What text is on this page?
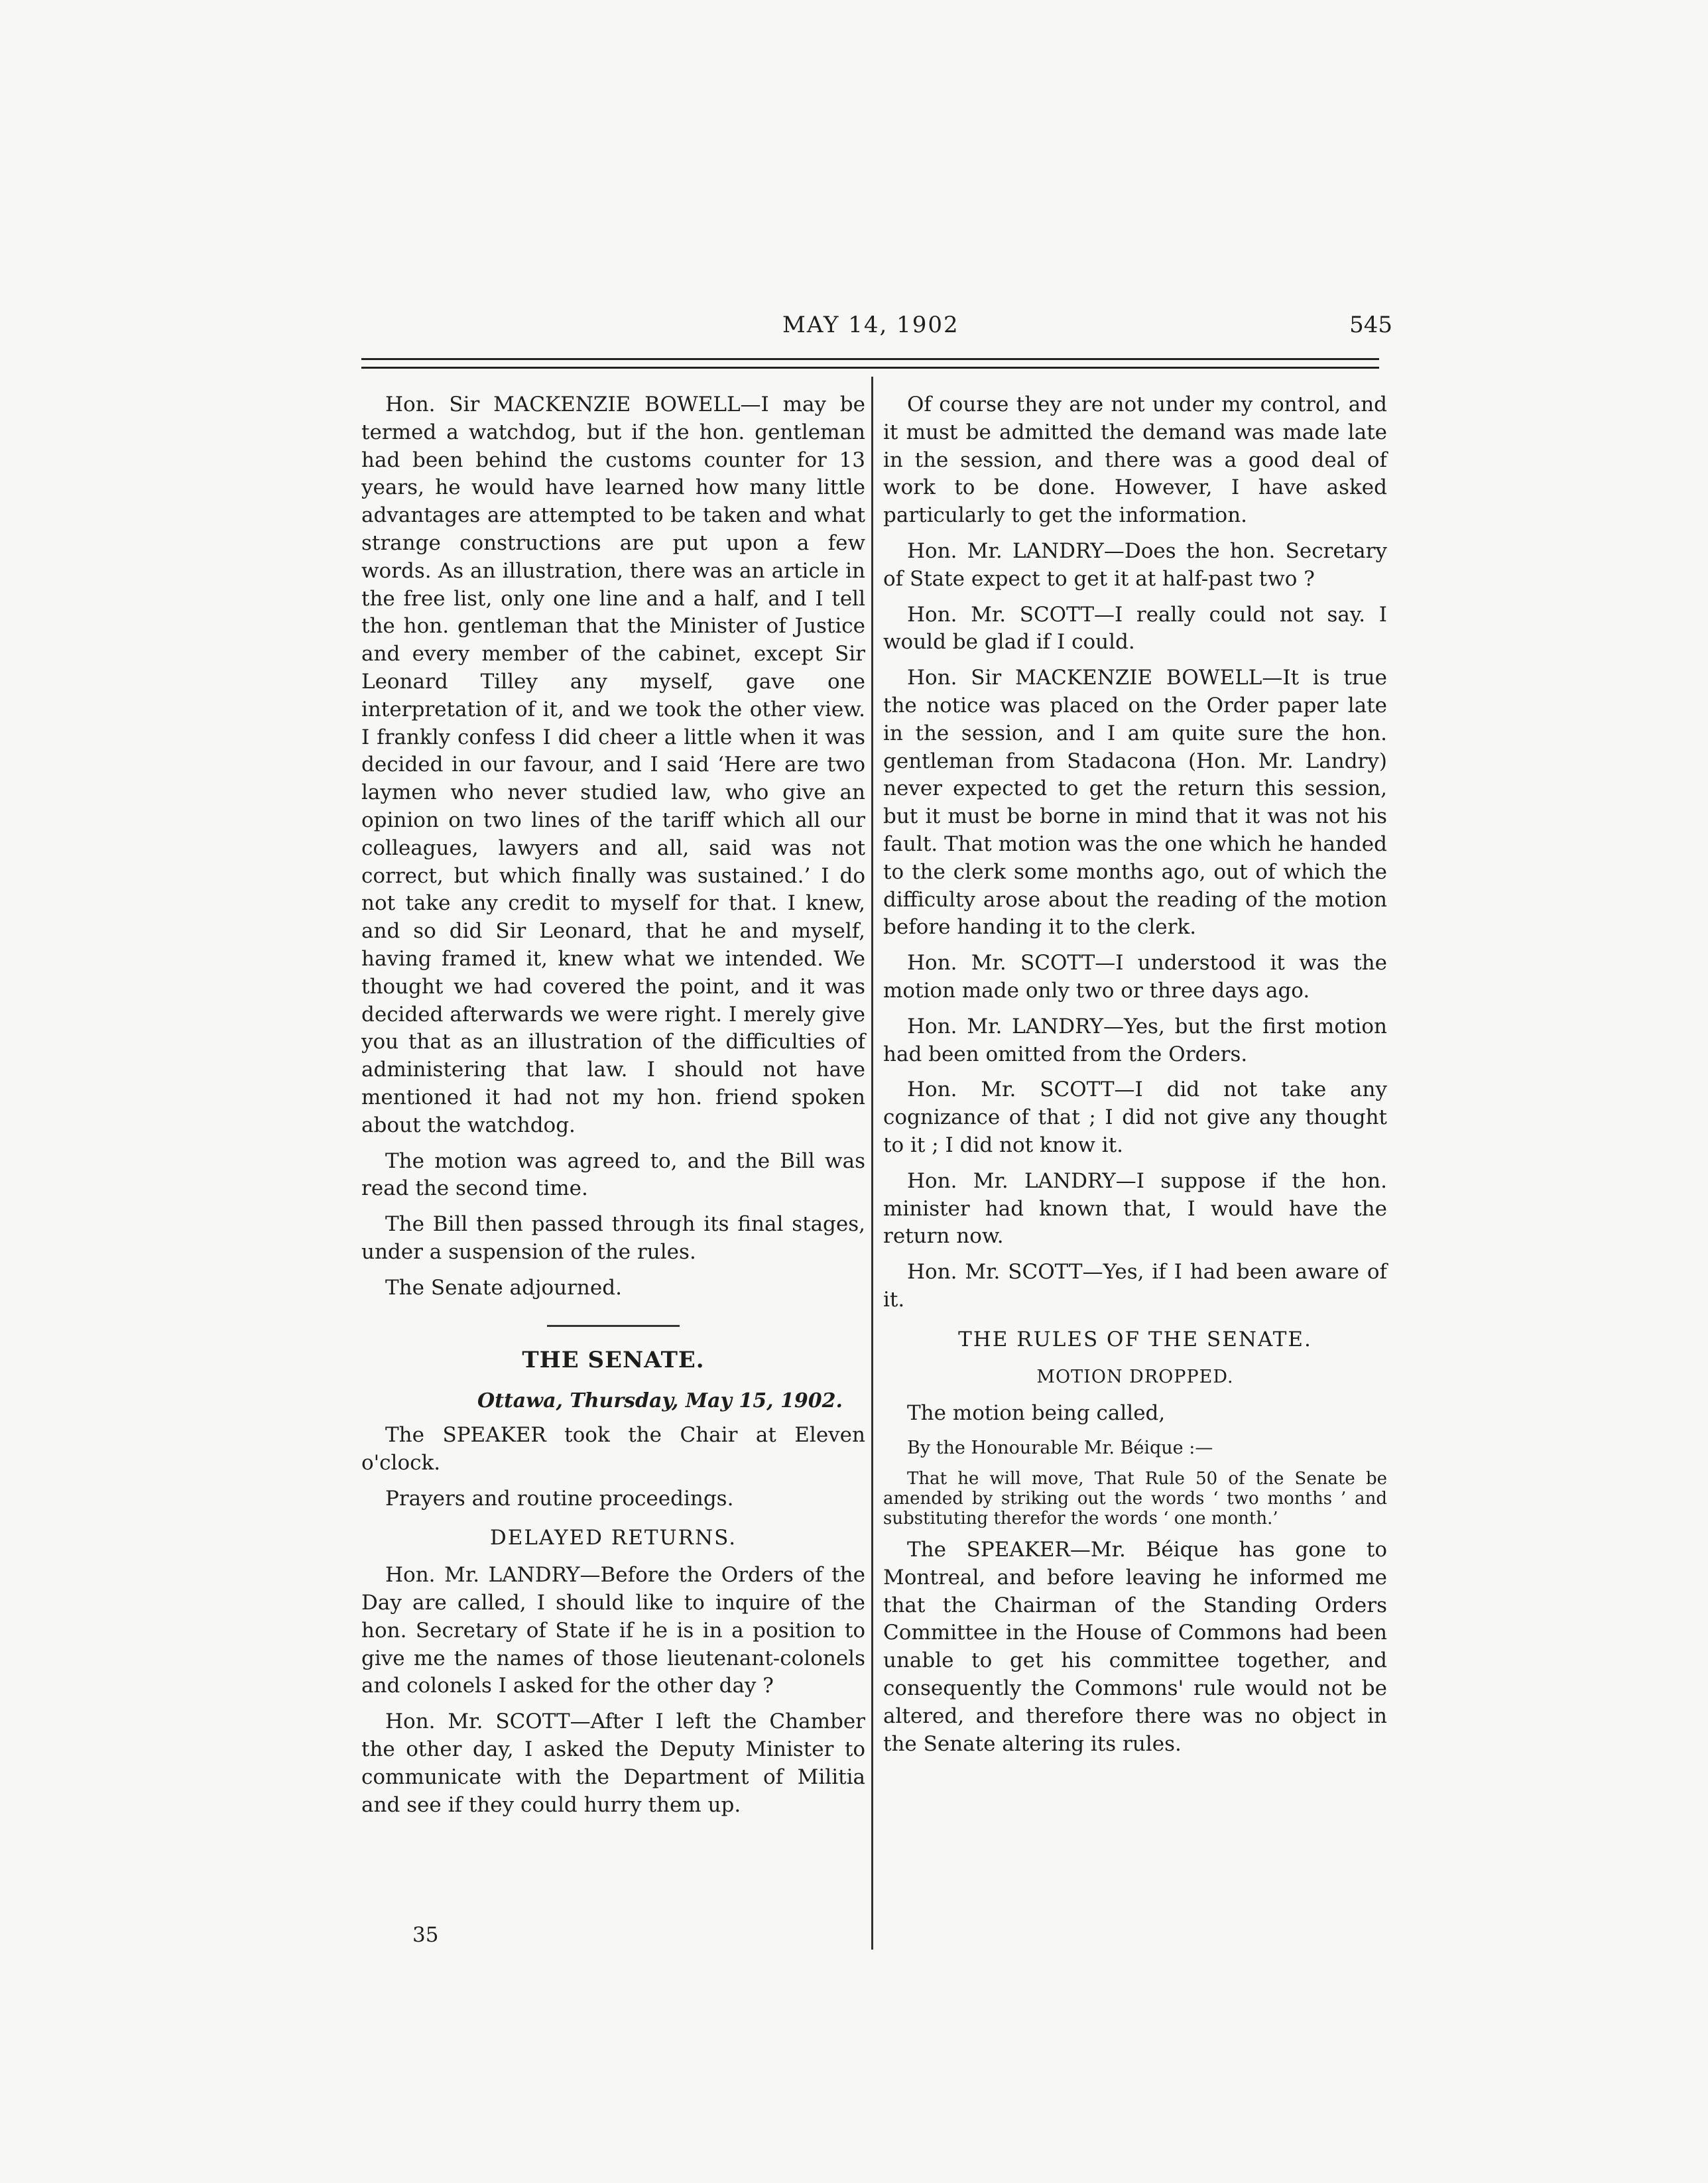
MAY 14, 1902	545

Hon. Sir MACKENZIE BOWELL—I may be termed a watchdog, but if the hon. gentleman had been behind the customs counter for 13 years, he would have learned how many little advantages are attempted to be taken and what strange constructions are put upon a few words. As an illustration, there was an article in the free list, only one line and a half, and I tell the hon. gentleman that the Minister of Justice and every member of the cabinet, except Sir Leonard Tilley any myself, gave one interpretation of it, and we took the other view. I frankly confess I did cheer a little when it was decided in our favour, and I said ‘Here are two laymen who never studied law, who give an opinion on two lines of the tariff which all our colleagues, lawyers and all, said was not correct, but which finally was sustained.’ I do not take any credit to myself for that. I knew, and so did Sir Leonard, that he and myself, having framed it, knew what we intended. We thought we had covered the point, and it was decided afterwards we were right. I merely give you that as an illustration of the difficulties of administering that law. I should not have mentioned it had not my hon. friend spoken about the watchdog.

The motion was agreed to, and the Bill was read the second time.

The Bill then passed through its final stages, under a suspension of the rules.

The Senate adjourned.

THE SENATE.
Ottawa, Thursday, May 15, 1902.

The SPEAKER took the Chair at Eleven o'clock.

Prayers and routine proceedings.

DELAYED RETURNS.

Hon. Mr. LANDRY—Before the Orders of the Day are called, I should like to inquire of the hon. Secretary of State if he is in a position to give me the names of those lieutenant-colonels and colonels I asked for the other day ?

Hon. Mr. SCOTT—After I left the Chamber the other day, I asked the Deputy Minister to communicate with the Department of Militia and see if they could hurry them up.

Of course they are not under my control, and it must be admitted the demand was made late in the session, and there was a good deal of work to be done. However, I have asked particularly to get the information.

Hon. Mr. LANDRY—Does the hon. Secretary of State expect to get it at half-past two ?

Hon. Mr. SCOTT—I really could not say. I would be glad if I could.

Hon. Sir MACKENZIE BOWELL—It is true the notice was placed on the Order paper late in the session, and I am quite sure the hon. gentleman from Stadacona (Hon. Mr. Landry) never expected to get the return this session, but it must be borne in mind that it was not his fault. That motion was the one which he handed to the clerk some months ago, out of which the difficulty arose about the reading of the motion before handing it to the clerk.

Hon. Mr. SCOTT—I understood it was the motion made only two or three days ago.

Hon. Mr. LANDRY—Yes, but the first motion had been omitted from the Orders.

Hon. Mr. SCOTT—I did not take any cognizance of that ; I did not give any thought to it ; I did not know it.

Hon. Mr. LANDRY—I suppose if the hon. minister had known that, I would have the return now.

Hon. Mr. SCOTT—Yes, if I had been aware of it.

THE RULES OF THE SENATE.
MOTION DROPPED.

The motion being called,

By the Honourable Mr. Béique :—

That he will move, That Rule 50 of the Senate be amended by striking out the words ‘ two months ’ and substituting therefor the words ‘ one month.’

The SPEAKER—Mr. Béique has gone to Montreal, and before leaving he informed me that the Chairman of the Standing Orders Committee in the House of Commons had been unable to get his committee together, and consequently the Commons' rule would not be altered, and therefore there was no object in the Senate altering its rules.

35
